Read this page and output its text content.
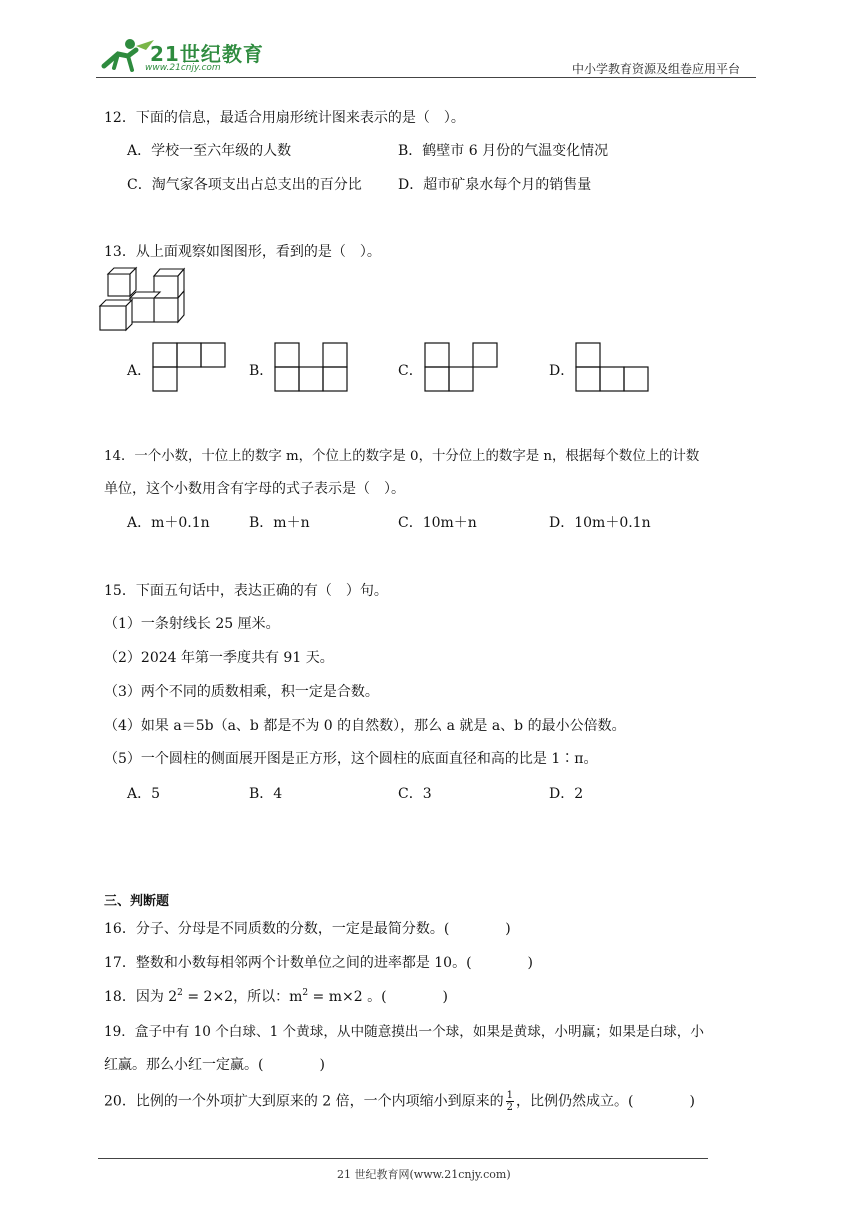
21世纪教育
www.21cnjy.com	中小学教育资源及组卷应用平台
12．下面的信息，最适合用扇形统计图来表示的是（　）。
A．学校一至六年级的人数	B．鹤壁市 6 月份的气温变化情况
C．淘气家各项支出占总支出的百分比	D．超市矿泉水每个月的销售量
13．从上面观察如图图形，看到的是（　）。
A．	B．	C．	D．
14．一个小数，十位上的数字 m，个位上的数字是 0，十分位上的数字是 n，根据每个数位上的计数
单位，这个小数用含有字母的式子表示是（　）。
A．m＋0.1n	B．m＋n	C．10m＋n	D．10m＋0.1n
15．下面五句话中，表达正确的有（　）句。
（1）一条射线长 25 厘米。
（2）2024 年第一季度共有 91 天。
（3）两个不同的质数相乘，积一定是合数。
（4）如果 a＝5b（a、b 都是不为 0 的自然数），那么 a 就是 a、b 的最小公倍数。
（5）一个圆柱的侧面展开图是正方形，这个圆柱的底面直径和高的比是 1∶π。
A．5	B．4	C．3	D．2
三、判断题
16．分子、分母是不同质数的分数，一定是最简分数。(　　　　)
17．整数和小数每相邻两个计数单位之间的进率都是 10。(　　　　)
18．因为 $2^2 = 2\times 2$，所以：$m^2 = m\times 2$ 。(　　　　)
19．盒子中有 10 个白球、1 个黄球，从中随意摸出一个球，如果是黄球，小明赢；如果是白球，小
红赢。那么小红一定赢。(　　　　)
20．比例的一个外项扩大到原来的 2 倍，一个内项缩小到原来的 $\frac{1}{2}$ ，比例仍然成立。(　　　　)
21 世纪教育网(www.21cnjy.com)
